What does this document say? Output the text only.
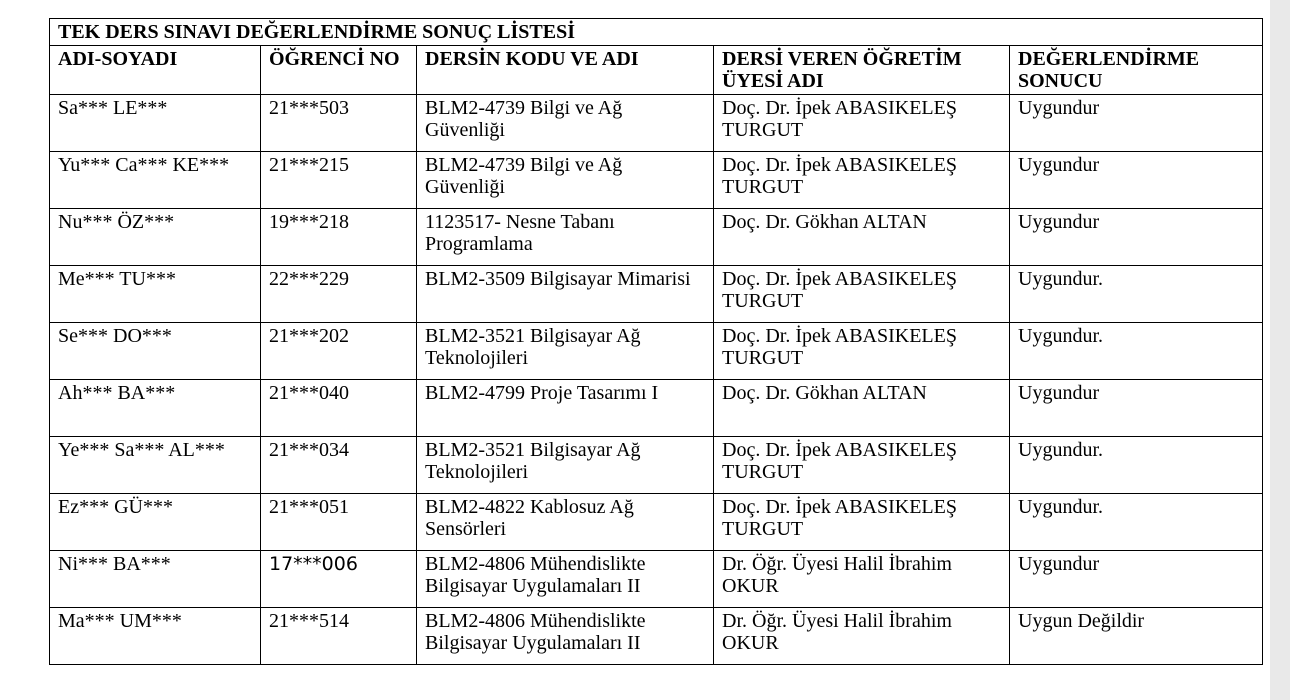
TEK DERS SINAVI DEĞERLENDİRME SONUÇ LİSTESİ				
ADI-SOYADI	ÖĞRENCİ NO	DERSİN KODU VE ADI	DERSİ VEREN ÖĞRETİM ÜYESİ ADI	DEĞERLENDİRME SONUCU
Sa*** LE***	21***503	BLM2-4739 Bilgi ve Ağ Güvenliği	Doç. Dr. İpek ABASIKELEŞ TURGUT	Uygundur
Yu*** Ca*** KE***	21***215	BLM2-4739 Bilgi ve Ağ Güvenliği	Doç. Dr. İpek ABASIKELEŞ TURGUT	Uygundur
Nu*** ÖZ***	19***218	1123517- Nesne Tabanı Programlama	Doç. Dr. Gökhan ALTAN	Uygundur
Me*** TU***	22***229	BLM2-3509 Bilgisayar Mimarisi	Doç. Dr. İpek ABASIKELEŞ TURGUT	Uygundur.
Se*** DO***	21***202	BLM2-3521 Bilgisayar Ağ Teknolojileri	Doç. Dr. İpek ABASIKELEŞ TURGUT	Uygundur.
Ah*** BA***	21***040	BLM2-4799 Proje Tasarımı I	Doç. Dr. Gökhan ALTAN	Uygundur
Ye*** Sa*** AL***	21***034	BLM2-3521 Bilgisayar Ağ Teknolojileri	Doç. Dr. İpek ABASIKELEŞ TURGUT	Uygundur.
Ez*** GÜ***	21***051	BLM2-4822 Kablosuz Ağ Sensörleri	Doç. Dr. İpek ABASIKELEŞ TURGUT	Uygundur.
Ni*** BA***	17***006	BLM2-4806 Mühendislikte Bilgisayar Uygulamaları II	Dr. Öğr. Üyesi Halil İbrahim OKUR	Uygundur
Ma*** UM***	21***514	BLM2-4806 Mühendislikte Bilgisayar Uygulamaları II	Dr. Öğr. Üyesi Halil İbrahim OKUR	Uygun Değildir
